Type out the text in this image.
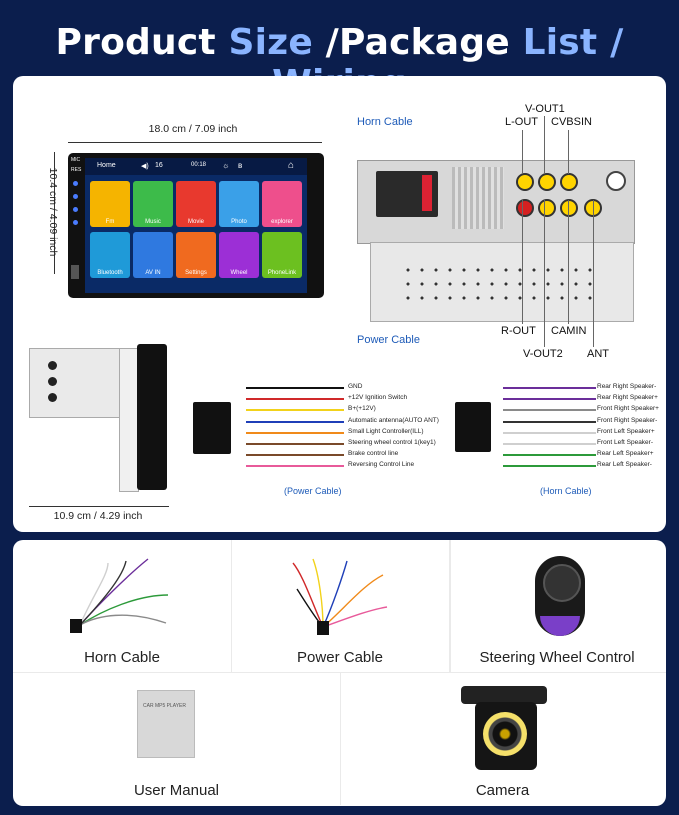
Product Size /Package List /
18.0 cm / 7.09 inch
10.4 cm / 4.09 inch
MIC
RES
Home	◀) 16	00:18 ☼ ʙ	⌂
Fm	Music	Movie	Photo	explorer
Bluetooth	AV IN	Settings	Wheel	PhoneLink
Horn Cable
Power Cable
V-OUT1
L-OUT CVBSIN
R-OUT CAMIN
V-OUT2 ANT
10.9 cm / 4.29 inch
GND
+12V Ignition Switch
B+(+12V)
Automatic antenna(AUTO ANT)
Small Light Controller(ILL)
Steering wheel control 1(key1)
Brake control line
Reversing Control Line
(Power Cable)
Rear Right Speaker-
Rear Right Speaker+
Front Right Speaker+
Front Right Speaker-
Front Left Speaker+
Front Left Speaker-
Rear Left Speaker+
Rear Left Speaker-
(Horn Cable)
Horn Cable	Power Cable	Steering Wheel Control
CAR MP5 PLAYER
User Manual	Camera
